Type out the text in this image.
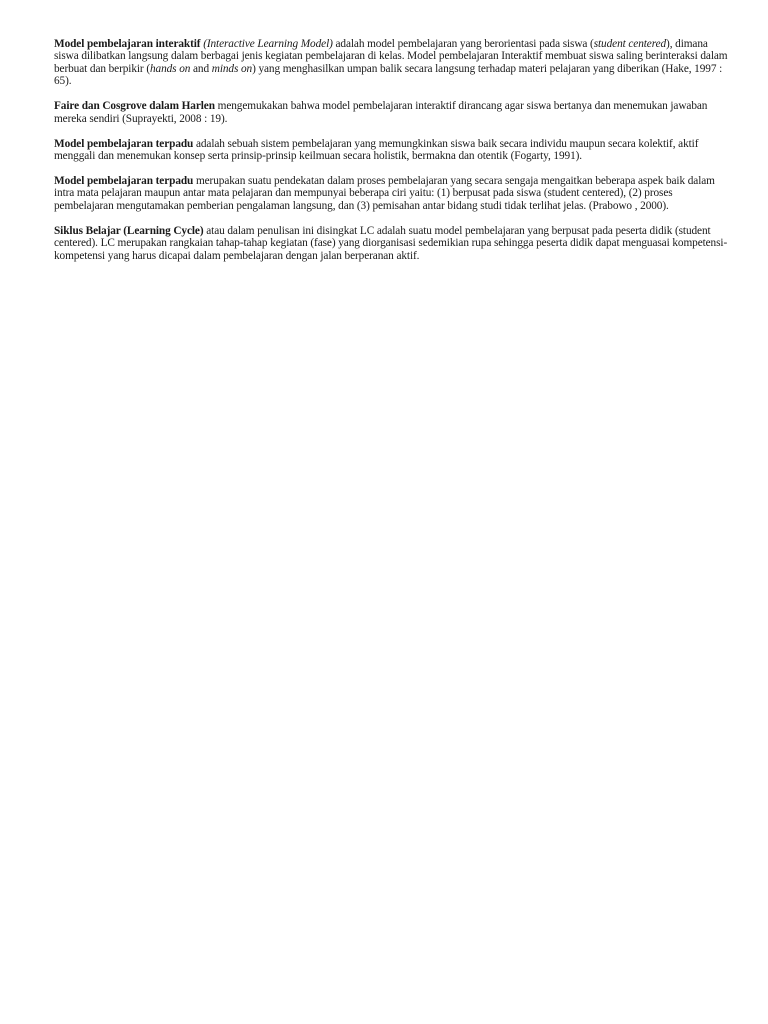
Model pembelajaran interaktif (Interactive Learning Model) adalah model pembelajaran yang berorientasi pada siswa (student centered), dimana siswa dilibatkan langsung dalam berbagai jenis kegiatan pembelajaran di kelas. Model pembelajaran Interaktif membuat siswa saling berinteraksi dalam berbuat dan berpikir (hands on and minds on) yang menghasilkan umpan balik secara langsung terhadap materi pelajaran yang diberikan (Hake, 1997 : 65).

Faire dan Cosgrove dalam Harlen mengemukakan bahwa model pembelajaran interaktif dirancang agar siswa bertanya dan menemukan jawaban mereka sendiri (Suprayekti, 2008 : 19).

Model pembelajaran terpadu adalah sebuah sistem pembelajaran yang memungkinkan siswa baik secara individu maupun secara kolektif, aktif menggali dan menemukan konsep serta prinsip-prinsip keilmuan secara holistik, bermakna dan otentik (Fogarty, 1991).

Model pembelajaran terpadu merupakan suatu pendekatan dalam proses pembelajaran yang secara sengaja mengaitkan beberapa aspek baik dalam intra mata pelajaran maupun antar mata pelajaran dan mempunyai beberapa ciri yaitu: (1) berpusat pada siswa (student centered), (2) proses pembelajaran mengutamakan pemberian pengalaman langsung, dan (3) pemisahan antar bidang studi tidak terlihat jelas. (Prabowo , 2000).

Siklus Belajar (Learning Cycle) atau dalam penulisan ini disingkat LC adalah suatu model pembelajaran yang berpusat pada peserta didik (student centered). LC merupakan rangkaian tahap-tahap kegiatan (fase) yang diorganisasi sedemikian rupa sehingga peserta didik dapat menguasai kompetensi-kompetensi yang harus dicapai dalam pembelajaran dengan jalan berperanan aktif.
